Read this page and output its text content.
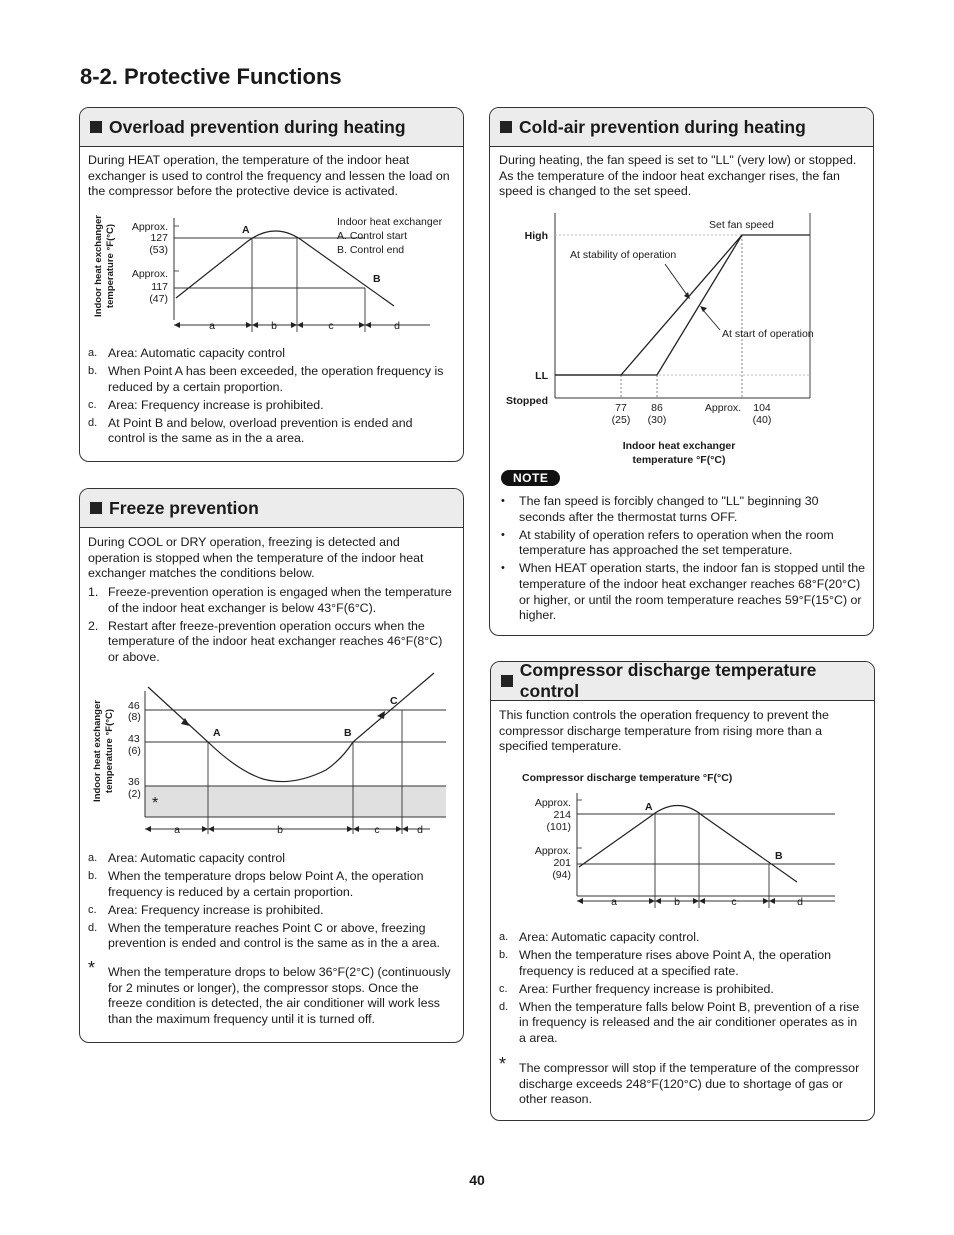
8-2. Protective Functions
Overload prevention during heating
During HEAT operation, the temperature of the indoor heat exchanger is used to control the frequency and lessen the load on the compressor before the protective device is activated.
Indoor heat exchanger temperature °F(°C) Approx.
127
(53)
Approx.
117
(47)
A
B
Indoor heat exchanger
A. Control start
B. Control end
a	b	c	d
a. Area: Automatic capacity control
b. When Point A has been exceeded, the operation frequency is reduced by a certain proportion.
c. Area: Frequency increase is prohibited.
d. At Point B and below, overload prevention is ended and control is the same as in the a area.
Freeze prevention
During COOL or DRY operation, freezing is detected and operation is stopped when the temperature of the indoor heat exchanger matches the conditions below.
1. Freeze-prevention operation is engaged when the temperature of the indoor heat exchanger is below 43°F(6°C).
2. Restart after freeze-prevention operation occurs when the temperature of the indoor heat exchanger reaches 46°F(8°C) or above.
Indoor heat exchanger temperature °F(°C)
46
(8)
43
(6)
36
(2)
A	B
C
*
a	b	c	d
a. Area: Automatic capacity control
b. When the temperature drops below Point A, the operation frequency is reduced by a certain proportion.
c. Area: Frequency increase is prohibited.
d. When the temperature reaches Point C or above, freezing prevention is ended and control is the same as in the a area.
* When the temperature drops to below 36°F(2°C) (continuously for 2 minutes or longer), the compressor stops. Once the freeze condition is detected, the air conditioner will work less than the maximum frequency until it is turned off.
Cold-air prevention during heating
During heating, the fan speed is set to "LL" (very low) or stopped. As the temperature of the indoor heat exchanger rises, the fan speed is changed to the set speed.
High
LL
Stopped
Set fan speed
At stability of operation
At start of operation
77
(25)
86
(30)
Approx. 104
(40)
Indoor heat exchanger
temperature °F(°C)
NOTE
• The fan speed is forcibly changed to "LL" beginning 30 seconds after the thermostat turns OFF.
• At stability of operation refers to operation when the room temperature has approached the set temperature.
• When HEAT operation starts, the indoor fan is stopped until the temperature of the indoor heat exchanger reaches 68°F(20°C) or higher, or until the room temperature reaches 59°F(15°C) or higher.
Compressor discharge temperature control
This function controls the operation frequency to prevent the compressor discharge temperature from rising more than a specified temperature.
Compressor discharge temperature °F(°C)
Approx.
214
(101)
Approx.
201
(94)
A
B
a	b	c	d
a. Area: Automatic capacity control.
b. When the temperature rises above Point A, the operation frequency is reduced at a specified rate.
c. Area: Further frequency increase is prohibited.
d. When the temperature falls below Point B, prevention of a rise in frequency is released and the air conditioner operates as in a area.
* The compressor will stop if the temperature of the compressor discharge exceeds 248°F(120°C) due to shortage of gas or other reason.
40
